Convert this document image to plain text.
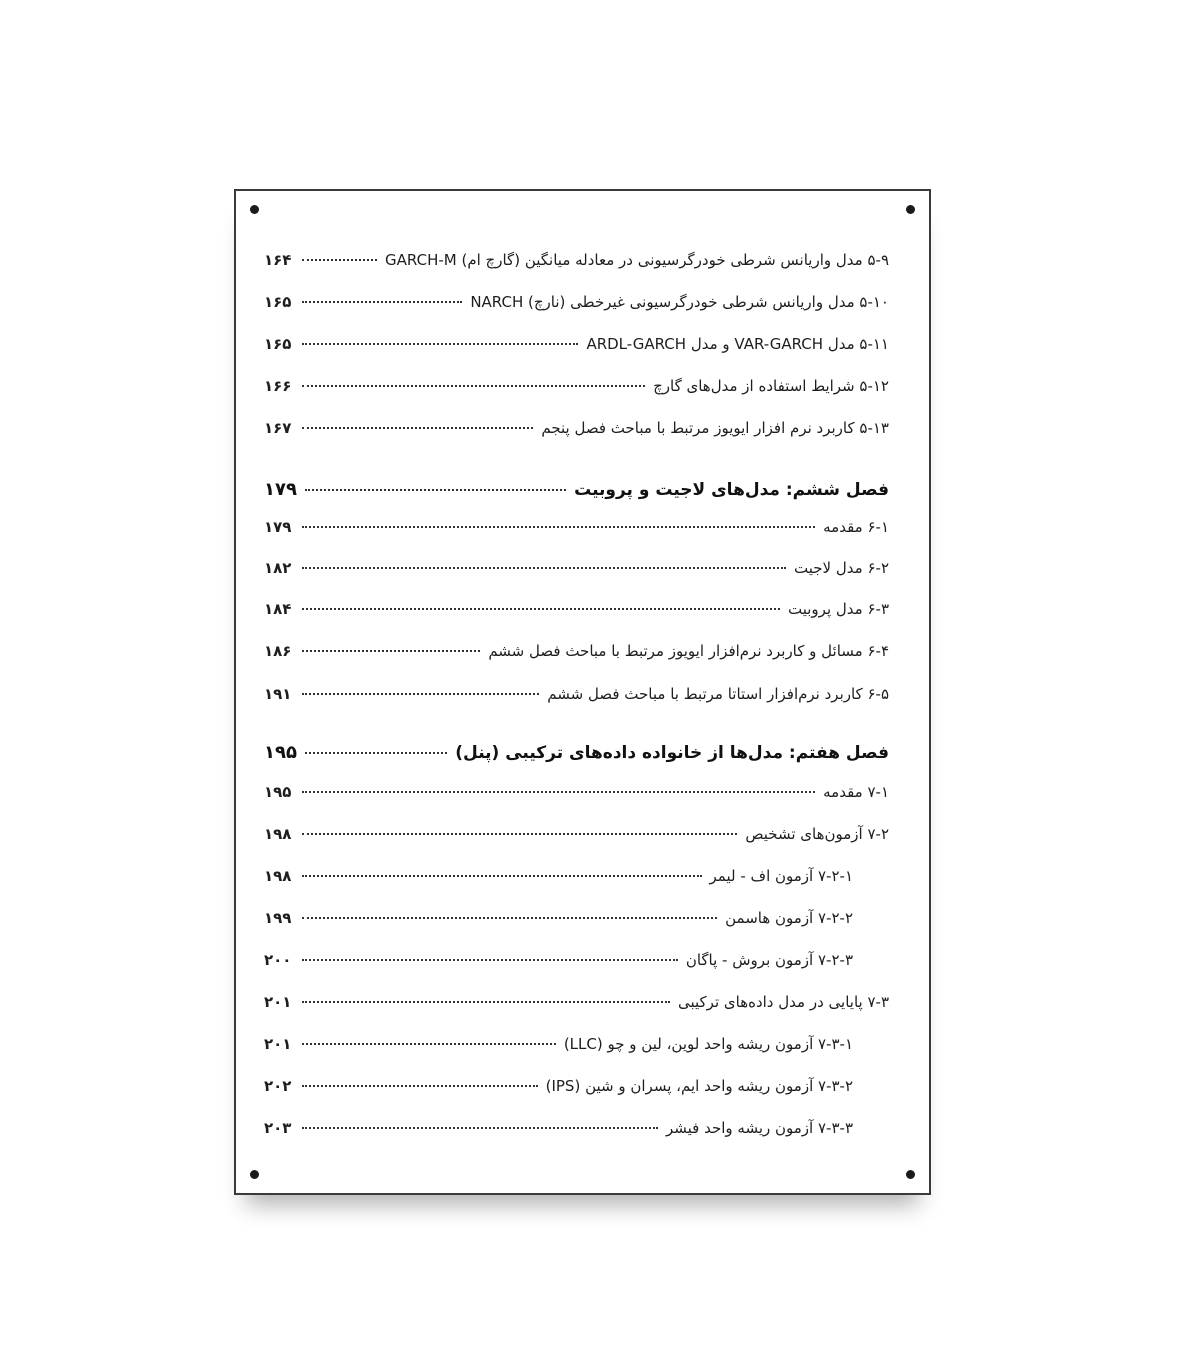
۵-۹ مدل واریانس شرطی خودرگرسیونی در معادله میانگین (گارچ ام) GARCH-M
۱۶۴
۵-۱۰ مدل واریانس شرطی خودرگرسیونی غیرخطی (نارچ) NARCH
۱۶۵
۵-۱۱ مدل VAR-GARCH و مدل ARDL-GARCH
۱۶۵
۵-۱۲ شرایط استفاده از مدل‌های گارچ
۱۶۶
۵-۱۳ کاربرد نرم افزار ایویوز مرتبط با مباحث فصل پنجم
۱۶۷
فصل ششم: مدل‌های لاجیت و پروبیت
۱۷۹
۶-۱ مقدمه
۱۷۹
۶-۲ مدل لاجیت
۱۸۲
۶-۳ مدل پروبیت
۱۸۴
۶-۴ مسائل و کاربرد نرم‌افزار ایویوز مرتبط با مباحث فصل ششم
۱۸۶
۶-۵ کاربرد نرم‌افزار استاتا مرتبط با مباحث فصل ششم
۱۹۱
فصل هفتم: مدل‌ها از خانواده داده‌های ترکیبی (پنل)
۱۹۵
۷-۱ مقدمه
۱۹۵
۷-۲ آزمون‌های تشخیص
۱۹۸
۷-۲-۱ آزمون اف - لیمر
۱۹۸
۷-۲-۲ آزمون هاسمن
۱۹۹
۷-۲-۳ آزمون بروش - پاگان
۲۰۰
۷-۳ پایایی در مدل داده‌های ترکیبی
۲۰۱
۷-۳-۱ آزمون ریشه واحد لوین، لین و چو (LLC)
۲۰۱
۷-۳-۲ آزمون ریشه واحد ایم، پسران و شین (IPS)
۲۰۲
۷-۳-۳ آزمون ریشه واحد فیشر
۲۰۳
